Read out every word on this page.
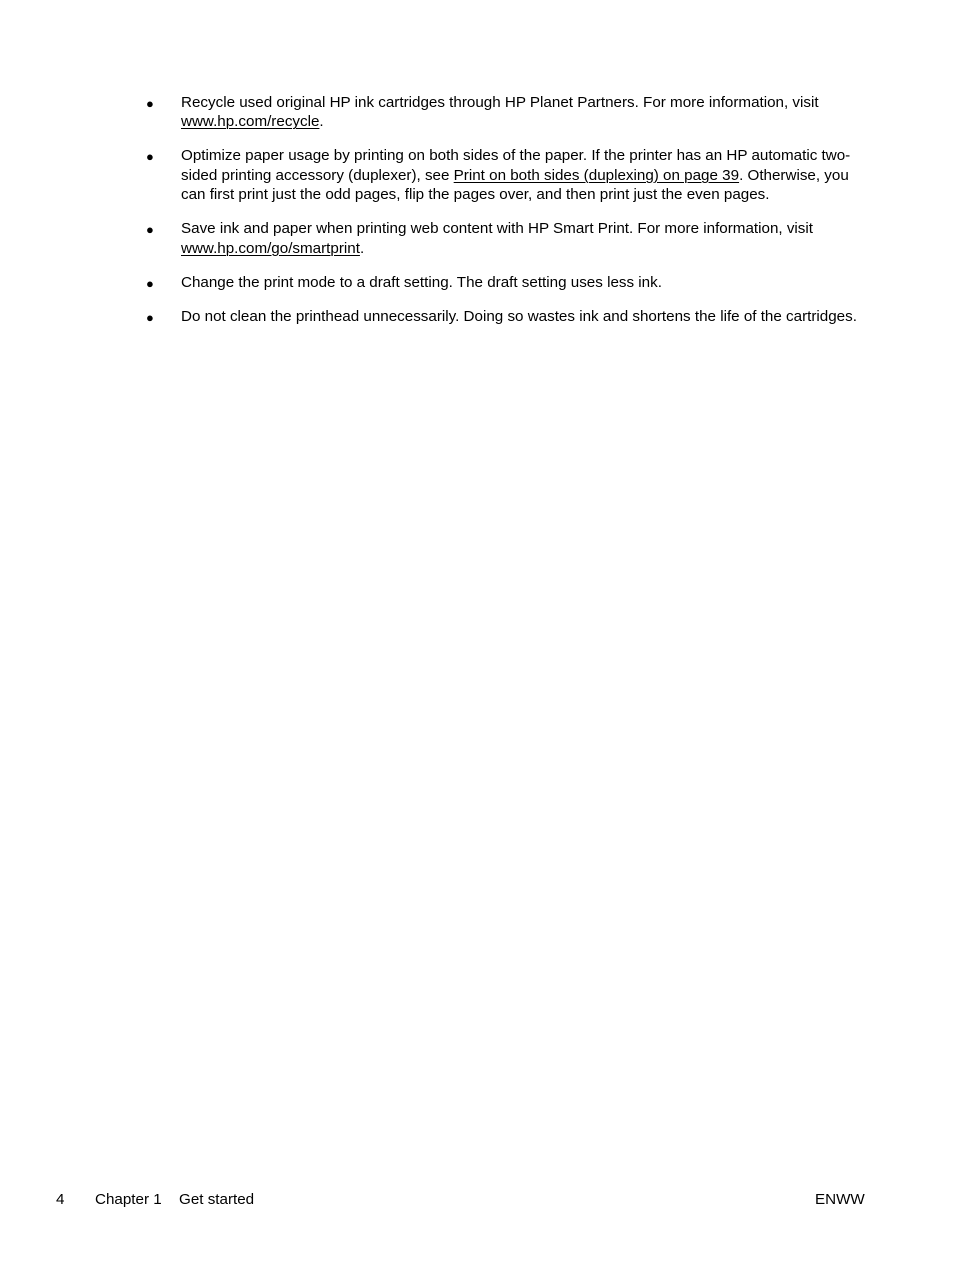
● Recycle used original HP ink cartridges through HP Planet Partners. For more information, visit www.hp.com/recycle.
● Optimize paper usage by printing on both sides of the paper. If the printer has an HP automatic two-sided printing accessory (duplexer), see Print on both sides (duplexing) on page 39. Otherwise, you can first print just the odd pages, flip the pages over, and then print just the even pages.
● Save ink and paper when printing web content with HP Smart Print. For more information, visit www.hp.com/go/smartprint.
● Change the print mode to a draft setting. The draft setting uses less ink.
● Do not clean the printhead unnecessarily. Doing so wastes ink and shortens the life of the cartridges.
4 Chapter 1 Get started	ENWW
